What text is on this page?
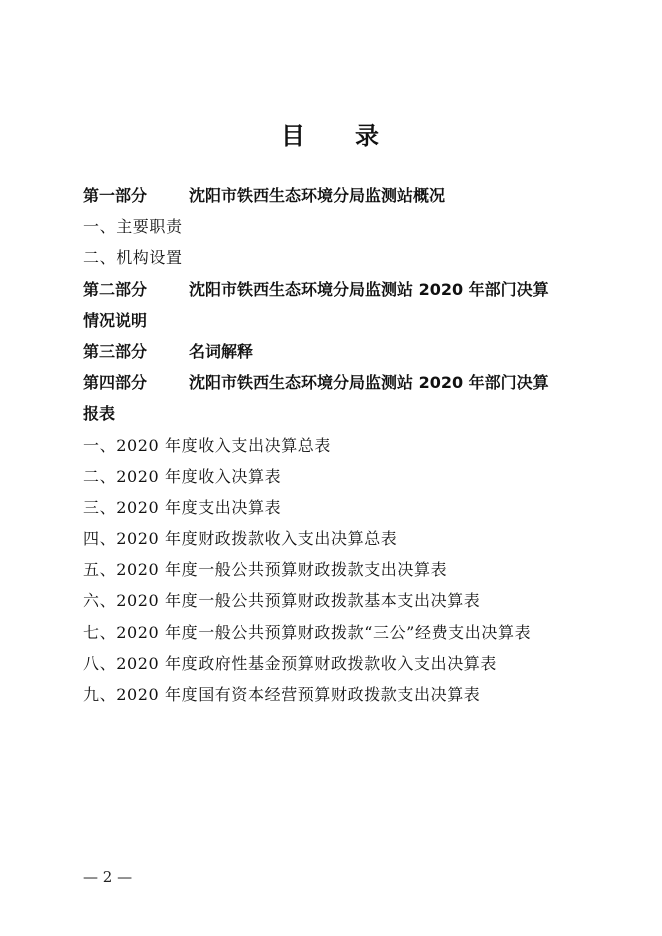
目 录
第一部分	沈阳市铁西生态环境分局监测站概况
一、主要职责
二、机构设置
第二部分	沈阳市铁西生态环境分局监测站 2020 年部门决算
情况说明
第三部分	名词解释
第四部分	沈阳市铁西生态环境分局监测站 2020 年部门决算
报表
一、2020 年度收入支出决算总表
二、2020 年度收入决算表
三、2020 年度支出决算表
四、2020 年度财政拨款收入支出决算总表
五、2020 年度一般公共预算财政拨款支出决算表
六、2020 年度一般公共预算财政拨款基本支出决算表
七、2020 年度一般公共预算财政拨款“三公”经费支出决算表
八、2020 年度政府性基金预算财政拨款收入支出决算表
九、2020 年度国有资本经营预算财政拨款支出决算表
— 2 —
